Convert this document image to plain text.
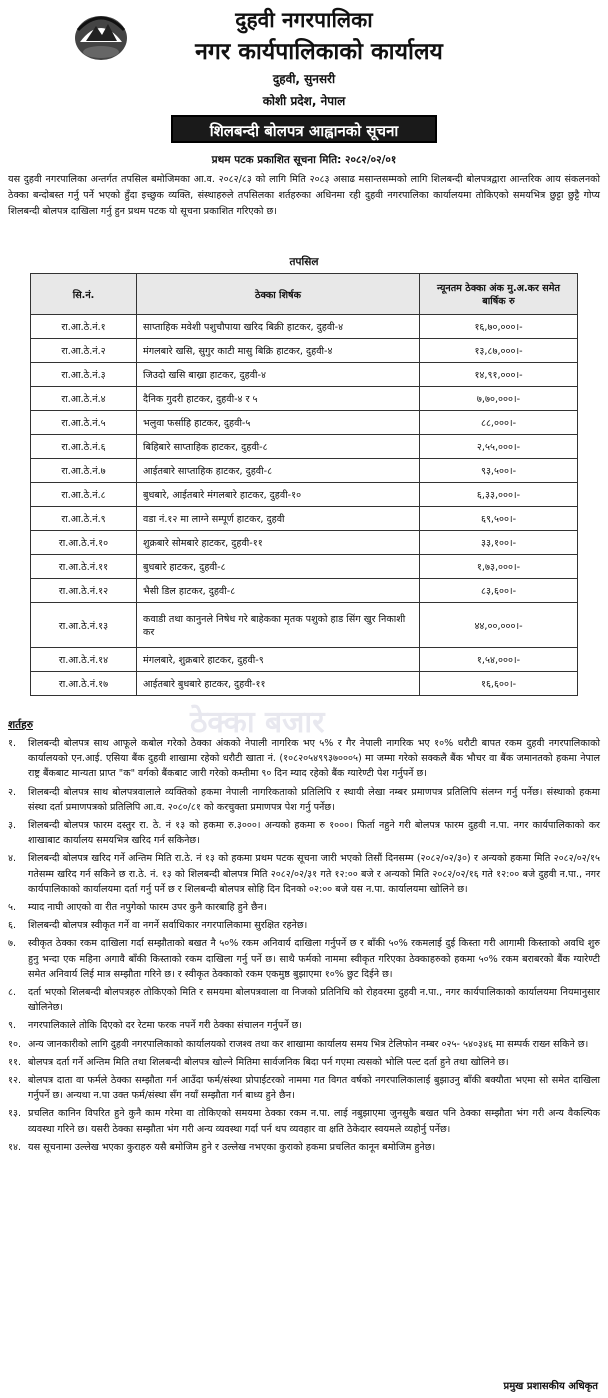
दुहवी नगरपालिका
नगर कार्यपालिकाको कार्यालय
दुहवी, सुनसरी
कोशी प्रदेश, नेपाल
शिलबन्दी बोलपत्र आह्वानको सूचना
प्रथम पटक प्रकाशित सूचना मिति: २०८२/०२/०१
यस दुहवी नगरपालिका अन्तर्गत तपसिल बमोजिमका आ.व. २०८२/८३ को लागि मिति २०८३ असाढ मसान्तसम्मको लागि शिलबन्दी बोलपत्रद्वारा आन्तरिक आय संकलनको ठेक्का बन्दोबस्त गर्नु पर्ने भएको हुँदा इच्छुक व्यक्ति, संस्थाहरुले तपसिलका शर्तहरुका अधिनमा रही दुहवी नगरपालिका कार्यालयमा तोकिएको समयभित्र छुट्टा छुट्टै गोप्य शिलबन्दी बोलपत्र दाखिला गर्नु हुन प्रथम पटक यो सूचना प्रकाशित गरिएको छ।
तपसिल
सि.नं.	ठेक्का शिर्षक	न्यूनतम ठेक्का अंक मु.अ.कर समेत बार्षिक रु
रा.आ.ठे.नं.१	साप्ताहिक मवेशी पशुचौपाया खरिद बिक्री हाटकर, दुहवी-४	१६,७०,०००।-
रा.आ.ठे.नं.२	मंगलबारे खसि, सुगुर काटी मासु बिक्रि हाटकर, दुहवी-४	१३,८७,०००।-
रा.आ.ठे.नं.३	जिउदो खसि बाख्रा हाटकर, दुहवी-४	१४,९१,०००।-
रा.आ.ठे.नं.४	दैनिक गुदरी हाटकर, दुहवी-४ र ५	७,७०,०००।-
रा.आ.ठे.नं.५	भलुवा फर्साहि हाटकर, दुहवी-५	८८,०००।-
रा.आ.ठे.नं.६	बिहिबारे साप्ताहिक हाटकर, दुहवी-८	२,५५,०००।-
रा.आ.ठे.नं.७	आईतबारे साप्ताहिक हाटकर, दुहवी-८	९३,५००।-
रा.आ.ठे.नं.८	बुधबारे, आईतबारे मंगलबारे हाटकर, दुहवी-१०	६,३३,०००।-
रा.आ.ठे.नं.९	वडा नं.१२ मा लाग्ने सम्पूर्ण हाटकर, दुहवी	६९,५००।-
रा.आ.ठे.नं.१०	शुक्रबारे सोमबारे हाटकर, दुहवी-११	३३,१००।-
रा.आ.ठे.नं.११	बुधबारे हाटकर, दुहवी-८	१,७३,०००।-
रा.आ.ठे.नं.१२	भैसी डिल हाटकर, दुहवी-८	८३,६००।-
रा.आ.ठे.नं.१३	कवाडी तथा कानुनले निषेध गरे बाहेकका मृतक पशुको हाड सिंग खुर निकाशी कर	४४,००,०००।-
रा.आ.ठे.नं.१४	मंगलबारे, शुक्रबारे हाटकर, दुहवी-९	१,५४,०००।-
रा.आ.ठे.नं.१७	आईतबारे बुधबारे हाटकर, दुहवी-११	१६,६००।-
ठेक्का बजार
शर्तहरु
१. शिलबन्दी बोलपत्र साथ आफूले कबोल गरेको ठेक्का अंकको नेपाली नागरिक भए ५% र गैर नेपाली नागरिक भए १०% धरौटी बापत रकम दुहवी नगरपालिकाको कार्यालयको एन.आई. एसिया बैंक दुहवी शाखामा रहेको धरौटी खाता नं. (१०८२०५४९९३७०००५) मा जम्मा गरेको सक्कलै बैंक भौचर वा बैंक जमानतको हकमा नेपाल राष्ट्र बैंकबाट मान्यता प्राप्त "क" वर्गको बैंकबाट जारी गरेको कम्तीमा ९० दिन म्याद रहेको बैंक ग्यारेण्टी पेश गर्नुपर्ने छ।
२. शिलबन्दी बोलपत्र साथ बोलपत्रवालाले व्यक्तिको हकमा नेपाली नागरिकताको प्रतिलिपि र स्थायी लेखा नम्बर प्रमाणपत्र प्रतिलिपि संलग्न गर्नु पर्नेछ। संस्थाको हकमा संस्था दर्ता प्रमाणपत्रको प्रतिलिपि आ.व. २०८०/८१ को करचुक्ता प्रमाणपत्र पेश गर्नु पर्नेछ।
३. शिलबन्दी बोलपत्र फारम दस्तुर रा. ठे. नं १३ को हकमा रु.३०००। अन्यको हकमा रु १०००। फिर्ता नहुने गरी बोलपत्र फारम दुहवी न.पा. नगर कार्यपालिकाको कर शाखाबाट कार्यालय समयभित्र खरिद गर्न सकिनेछ।
४. शिलबन्दी बोलपत्र खरिद गर्ने अन्तिम मिति रा.ठे. नं १३ को हकमा प्रथम पटक सूचना जारी भएको तिसौं दिनसम्म (२०८२/०२/३०) र अन्यको हकमा मिति २०८२/०२/१५ गतेसम्म खरिद गर्न सकिने छ रा.ठे. नं. १३ को शिलबन्दी बोलपत्र मिति २०८२/०२/३१ गते १२:०० बजे र अन्यको मिति २०८२/०२/१६ गते १२:०० बजे दुहवी न.पा., नगर कार्यपालिकाको कार्यालयमा दर्ता गर्नु पर्ने छ र शिलबन्दी बोलपत्र सोहि दिन दिनको ०२:०० बजे यस न.पा. कार्यालयमा खोलिने छ।
५. म्याद नाघी आएको वा रीत नपुगेको फारम उपर कुनै कारबाहि हुने छैन।
६. शिलबन्दी बोलपत्र स्वीकृत गर्ने वा नगर्ने सर्वाधिकार नगरपालिकामा सुरक्षित रहनेछ।
७. स्वीकृत ठेक्का रकम दाखिला गर्दा सम्झौताको बखत नै ५०% रकम अनिवार्य दाखिला गर्नुपर्ने छ र बाँकी ५०% रकमलाई दुई किस्ता गरी आगामी किस्ताको अवधि शुरु हुनु भन्दा एक महिना अगावै बाँकी किस्ताको रकम दाखिला गर्नु पर्ने छ। साथै फर्मको नाममा स्वीकृत गरिएका ठेक्काहरुको हकमा ५०% रकम बराबरको बैंक ग्यारेण्टी समेत अनिवार्य लिई मात्र सम्झौता गरिने छ। र स्वीकृत ठेक्काको रकम एकमुष्ठ बुझाएमा १०% छुट दिईने छ।
८. दर्ता भएको शिलबन्दी बोलपत्रहरु तोकिएको मिति र समयमा बोलपत्रवाला वा निजको प्रतिनिधि को रोहवरमा दुहवी न.पा., नगर कार्यपालिकाको कार्यालयमा नियमानुसार खोलिनेछ।
९. नगरपालिकाले तोकि दिएको दर रेटमा फरक नपर्ने गरी ठेक्का संचालन गर्नुपर्ने छ।
१०. अन्य जानकारीको लागि दुहवी नगरपालिकाको कार्यालयको राजश्व तथा कर शाखामा कार्यालय समय भित्र टेलिफोन नम्बर ०२५- ५४०३४६ मा सम्पर्क राख्न सकिने छ।
११. बोलपत्र दर्ता गर्ने अन्तिम मिति तथा शिलबन्दी बोलपत्र खोल्ने मितिमा सार्वजनिक बिदा पर्न गएमा त्यसको भोलि पल्ट दर्ता हुने तथा खोलिने छ।
१२. बोलपत्र दाता वा फर्मले ठेक्का सम्झौता गर्न आउँदा फर्म/संस्था प्रोपाईटरको नाममा गत विगत वर्षको नगरपालिकालाई बुझाउनु बाँकी बक्यौता भएमा सो समेत दाखिला गर्नुपर्ने छ। अन्यथा न.पा उक्त फर्म/संस्था सँग नयाँ सम्झौता गर्न बाध्य हुने छैन।
१३. प्रचलित कानिन विपरित हुने कुनै काम गरेमा वा तोकिएको समयमा ठेक्का रकम न.पा. लाई नबुझाएमा जुनसुकै बखत पनि ठेक्का सम्झौता भंग गरी अन्य वैकल्पिक व्यवस्था गरिने छ। यसरी ठेक्का सम्झौता भंग गरी अन्य व्यवस्था गर्दा पर्न थप व्यवहार वा क्षति ठेकेदार स्वयमले व्यहोर्नु पर्नेछ।
१४. यस सूचनामा उल्लेख भएका कुराहरु यसै बमोजिम हुने र उल्लेख नभएका कुराको हकमा प्रचलित कानून बमोजिम हुनेछ।
प्रमुख प्रशासकीय अधिकृत
